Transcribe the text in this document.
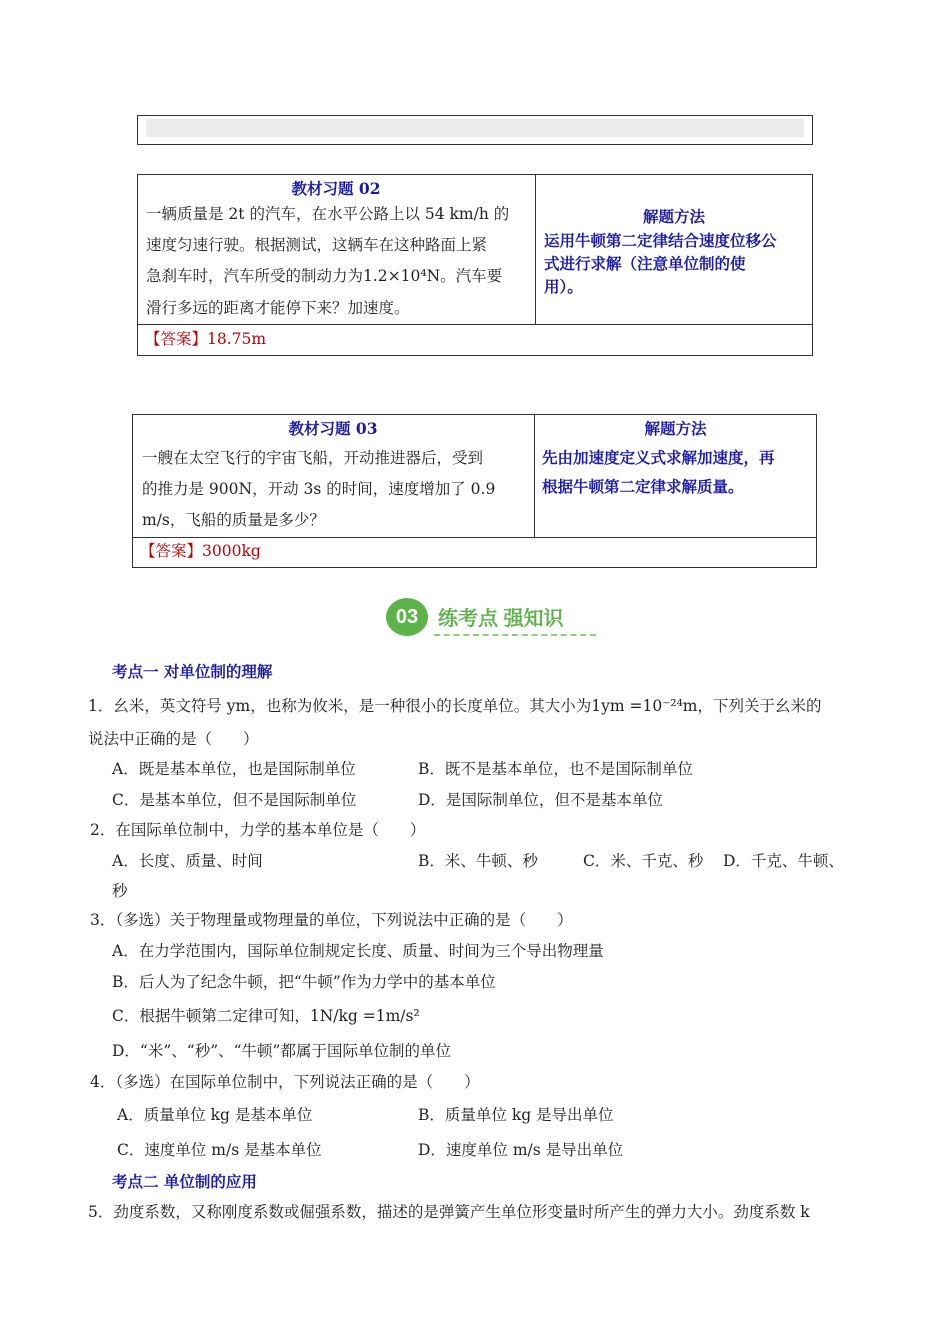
教材习题 02
一辆质量是 2t 的汽车，在水平公路上以 54 km/h 的
速度匀速行驶。根据测试，这辆车在这种路面上紧
急刹车时，汽车所受的制动力为1.2×10⁴N。汽车要
滑行多远的距离才能停下来？加速度。
解题方法
运用牛顿第二定律结合速度位移公
式进行求解（注意单位制的使
用）。
【答案】18.75m
教材习题 03
一艘在太空飞行的宇宙飞船，开动推进器后，受到
的推力是 900N，开动 3s 的时间，速度增加了 0.9
m/s，飞船的质量是多少？
解题方法
先由加速度定义式求解加速度，再
根据牛顿第二定律求解质量。
【答案】3000kg
03 练考点 强知识
考点一 对单位制的理解
1．幺米，英文符号 ym，也称为攸米，是一种很小的长度单位。其大小为1ym =10⁻²⁴m，下列关于幺米的
说法中正确的是（　　）
A．既是基本单位，也是国际制单位	B．既不是基本单位，也不是国际制单位
C．是基本单位，但不是国际制单位	D．是国际制单位，但不是基本单位
2．在国际单位制中，力学的基本单位是（　　）
A．长度、质量、时间	B．米、牛顿、秒	C．米、千克、秒 D．千克、牛顿、
秒
3．（多选）关于物理量或物理量的单位，下列说法中正确的是（　　）
A．在力学范围内，国际单位制规定长度、质量、时间为三个导出物理量
B．后人为了纪念牛顿，把“牛顿”作为力学中的基本单位
C．根据牛顿第二定律可知，1N/kg =1m/s²
D．“米”、“秒”、“牛顿”都属于国际单位制的单位
4．（多选）在国际单位制中，下列说法正确的是（　　）
A．质量单位 kg 是基本单位	B．质量单位 kg 是导出单位
C．速度单位 m/s 是基本单位	D．速度单位 m/s 是导出单位
考点二 单位制的应用
5．劲度系数，又称刚度系数或倔强系数，描述的是弹簧产生单位形变量时所产生的弹力大小。劲度系数 k
